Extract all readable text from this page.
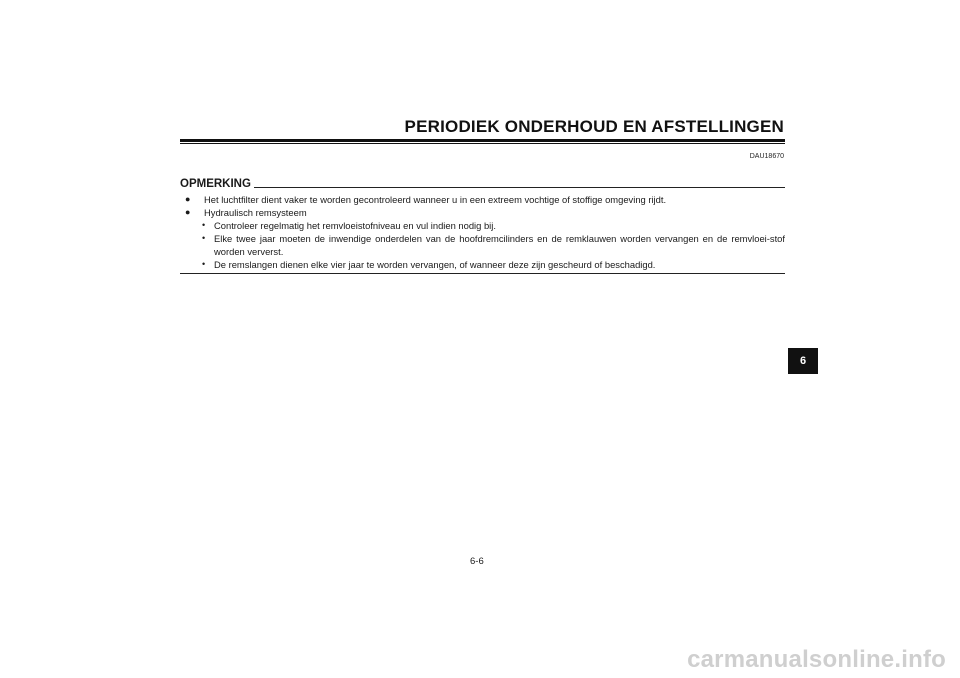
PERIODIEK ONDERHOUD EN AFSTELLINGEN
DAU18670
OPMERKING
●	Het luchtfilter dient vaker te worden gecontroleerd wanneer u in een extreem vochtige of stoffige omgeving rijdt.
●	Hydraulisch remsysteem
• Controleer regelmatig het remvloeistofniveau en vul indien nodig bij.
• Elke twee jaar moeten de inwendige onderdelen van de hoofdremcilinders en de remklauwen worden vervangen en de remvloei-stof worden ververst.
• De remslangen dienen elke vier jaar te worden vervangen, of wanneer deze zijn gescheurd of beschadigd.
6
6-6
carmanualsonline.info
